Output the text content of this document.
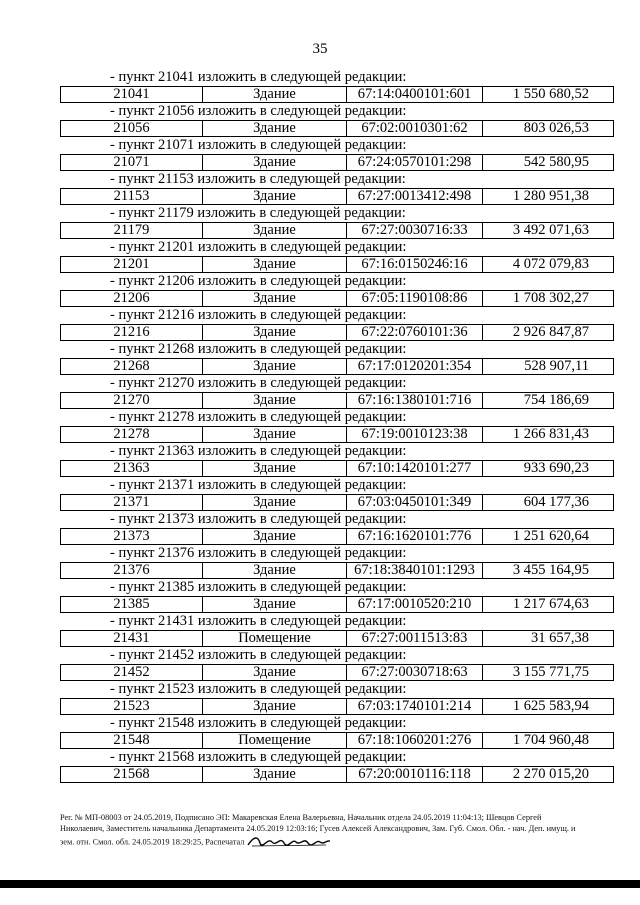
35
- пункт 21041 изложить в следующей редакции:
21041	Здание	67:14:0400101:601	1 550 680,52
- пункт 21056 изложить в следующей редакции:
21056	Здание	67:02:0010301:62	803 026,53
- пункт 21071 изложить в следующей редакции:
21071	Здание	67:24:0570101:298	542 580,95
- пункт 21153 изложить в следующей редакции:
21153	Здание	67:27:0013412:498	1 280 951,38
- пункт 21179 изложить в следующей редакции:
21179	Здание	67:27:0030716:33	3 492 071,63
- пункт 21201 изложить в следующей редакции:
21201	Здание	67:16:0150246:16	4 072 079,83
- пункт 21206 изложить в следующей редакции:
21206	Здание	67:05:1190108:86	1 708 302,27
- пункт 21216 изложить в следующей редакции:
21216	Здание	67:22:0760101:36	2 926 847,87
- пункт 21268 изложить в следующей редакции:
21268	Здание	67:17:0120201:354	528 907,11
- пункт 21270 изложить в следующей редакции:
21270	Здание	67:16:1380101:716	754 186,69
- пункт 21278 изложить в следующей редакции:
21278	Здание	67:19:0010123:38	1 266 831,43
- пункт 21363 изложить в следующей редакции:
21363	Здание	67:10:1420101:277	933 690,23
- пункт 21371 изложить в следующей редакции:
21371	Здание	67:03:0450101:349	604 177,36
- пункт 21373 изложить в следующей редакции:
21373	Здание	67:16:1620101:776	1 251 620,64
- пункт 21376 изложить в следующей редакции:
21376	Здание	67:18:3840101:1293	3 455 164,95
- пункт 21385 изложить в следующей редакции:
21385	Здание	67:17:0010520:210	1 217 674,63
- пункт 21431 изложить в следующей редакции:
21431	Помещение	67:27:0011513:83	31 657,38
- пункт 21452 изложить в следующей редакции:
21452	Здание	67:27:0030718:63	3 155 771,75
- пункт 21523 изложить в следующей редакции:
21523	Здание	67:03:1740101:214	1 625 583,94
- пункт 21548 изложить в следующей редакции:
21548	Помещение	67:18:1060201:276	1 704 960,48
- пункт 21568 изложить в следующей редакции:
21568	Здание	67:20:0010116:118	2 270 015,20

Рег. № МП-08003 от 24.05.2019, Подписано ЭП: Макаревская Елена Валерьевна, Начальник отдела 24.05.2019 11:04:13; Шевцов Сергей

Николаевич, Заместитель начальника Департамента 24.05.2019 12:03:16; Гусев Алексей Александрович, Зам. Губ. Смол. Обл. - нач. Деп. имущ. и

зем. отн. Смол. обл. 24.05.2019 18:29:25, Распечатал
